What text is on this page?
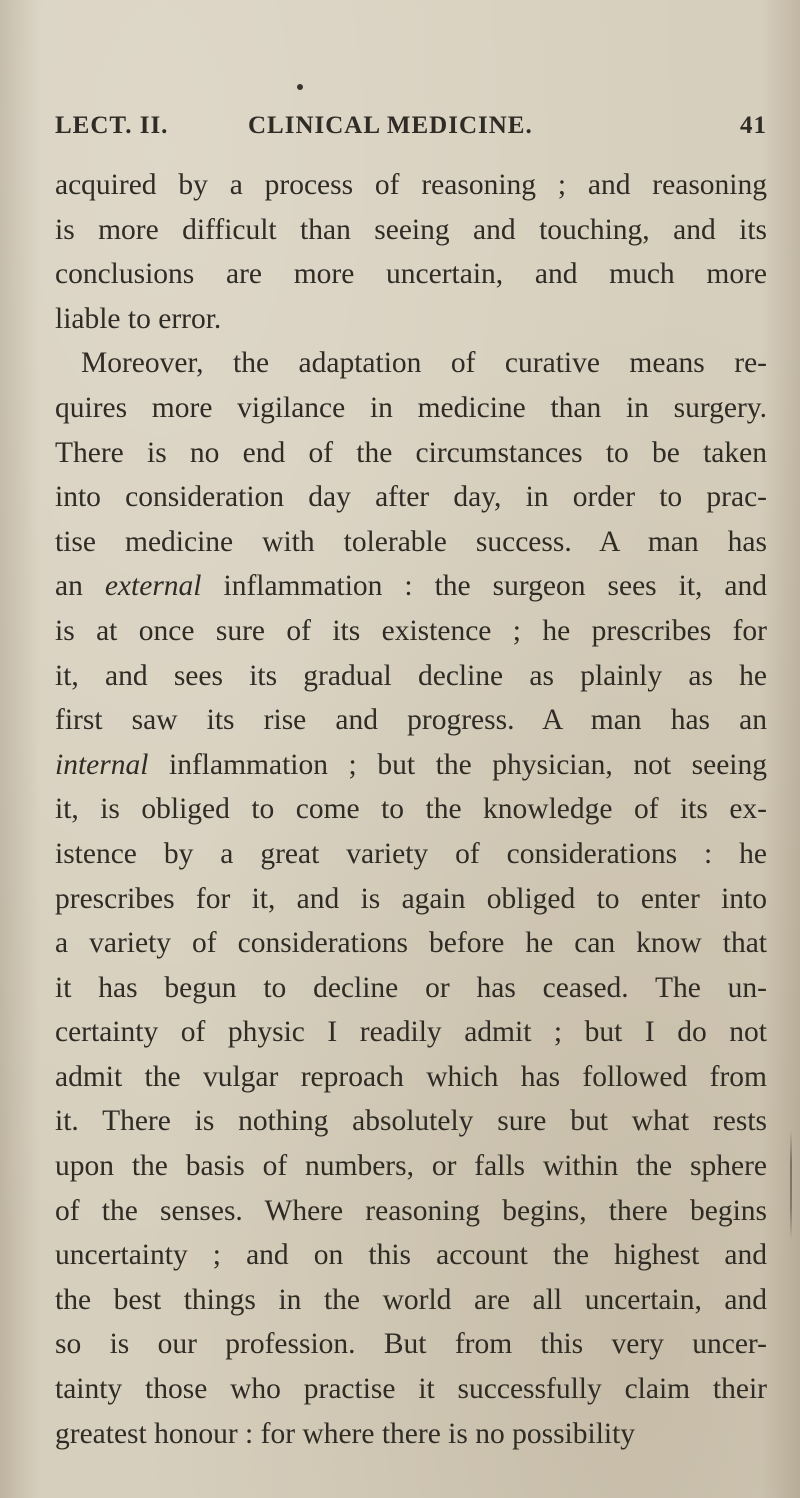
LECT. II.	CLINICAL MEDICINE.	41
acquired by a process of reasoning ; and reasoning
is more difficult than seeing and touching, and its
conclusions are more uncertain, and much more
liable to error.
Moreover, the adaptation of curative means re-
quires more vigilance in medicine than in surgery.
There is no end of the circumstances to be taken
into consideration day after day, in order to prac-
tise medicine with tolerable success. A man has
an external inflammation : the surgeon sees it, and
is at once sure of its existence ; he prescribes for
it, and sees its gradual decline as plainly as he
first saw its rise and progress. A man has an
internal inflammation ; but the physician, not seeing
it, is obliged to come to the knowledge of its ex-
istence by a great variety of considerations : he
prescribes for it, and is again obliged to enter into
a variety of considerations before he can know that
it has begun to decline or has ceased. The un-
certainty of physic I readily admit ; but I do not
admit the vulgar reproach which has followed from
it. There is nothing absolutely sure but what rests
upon the basis of numbers, or falls within the sphere
of the senses. Where reasoning begins, there begins
uncertainty ; and on this account the highest and
the best things in the world are all uncertain, and
so is our profession. But from this very uncer-
tainty those who practise it successfully claim their
greatest honour : for where there is no possibility
